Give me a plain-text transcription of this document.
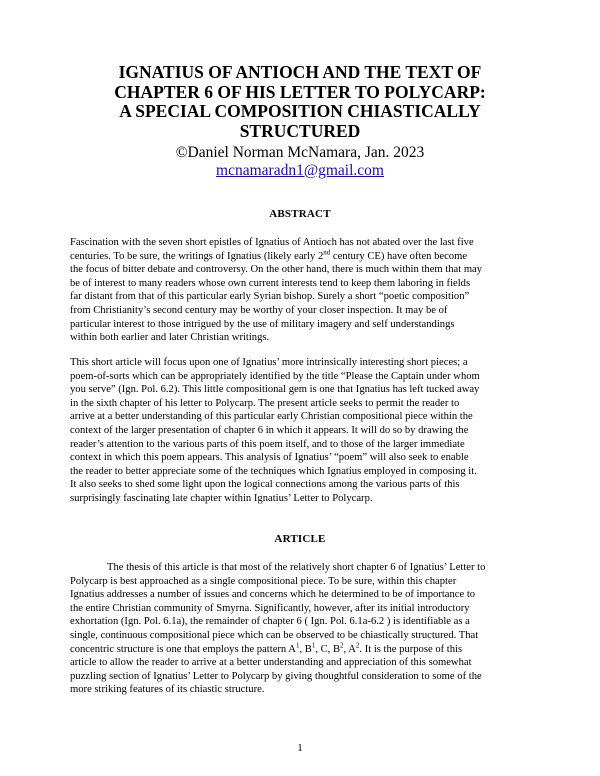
IGNATIUS OF ANTIOCH AND THE TEXT OF
CHAPTER 6 OF HIS LETTER TO POLYCARP:
A SPECIAL COMPOSITION CHIASTICALLY
STRUCTURED
©Daniel Norman McNamara, Jan. 2023
mcnamaradn1@gmail.com
ABSTRACT
Fascination with the seven short epistles of Ignatius of Antioch has not abated over the last five
centuries. To be sure, the writings of Ignatius (likely early 2nd century CE) have often become
the focus of bitter debate and controversy. On the other hand, there is much within them that may
be of interest to many readers whose own current interests tend to keep them laboring in fields
far distant from that of this particular early Syrian bishop. Surely a short “poetic composition”
from Christianity’s second century may be worthy of your closer inspection. It may be of
particular interest to those intrigued by the use of military imagery and self understandings
within both earlier and later Christian writings.
This short article will focus upon one of Ignatius’ more intrinsically interesting short pieces; a
poem-of-sorts which can be appropriately identified by the title “Please the Captain under whom
you serve” (Ign. Pol. 6.2). This little compositional gem is one that Ignatius has left tucked away
in the sixth chapter of his letter to Polycarp. The present article seeks to permit the reader to
arrive at a better understanding of this particular early Christian compositional piece within the
context of the larger presentation of chapter 6 in which it appears. It will do so by drawing the
reader’s attention to the various parts of this poem itself, and to those of the larger immediate
context in which this poem appears. This analysis of Ignatius’ “poem” will also seek to enable
the reader to better appreciate some of the techniques which Ignatius employed in composing it.
It also seeks to shed some light upon the logical connections among the various parts of this
surprisingly fascinating late chapter within Ignatius’ Letter to Polycarp.
ARTICLE
The thesis of this article is that most of the relatively short chapter 6 of Ignatius’ Letter to
Polycarp is best approached as a single compositional piece. To be sure, within this chapter
Ignatius addresses a number of issues and concerns which he determined to be of importance to
the entire Christian community of Smyrna. Significantly, however, after its initial introductory
exhortation (Ign. Pol. 6.1a), the remainder of chapter 6 ( Ign. Pol. 6.1a-6.2 ) is identifiable as a
single, continuous compositional piece which can be observed to be chiastically structured. That
concentric structure is one that employs the pattern $A^1$, $B^1$, C, $B^2$, $A^2$. It is the purpose of this
article to allow the reader to arrive at a better understanding and appreciation of this somewhat
puzzling section of Ignatius’ Letter to Polycarp by giving thoughtful consideration to some of the
more striking features of its chiastic structure.
1
